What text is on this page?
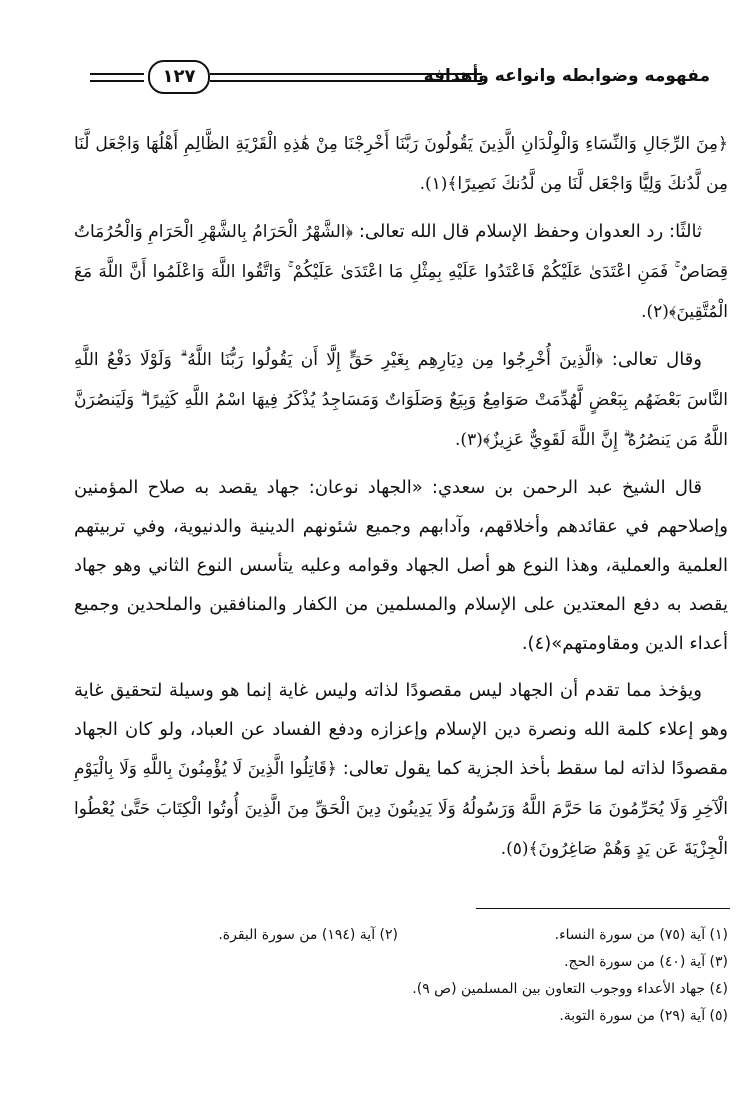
مفهومه وضوابطه وانواعه وأهدافه
١٢٧

﴿مِنَ الرِّجَالِ وَالنِّسَاءِ وَالْوِلْدَانِ الَّذِينَ يَقُولُونَ رَبَّنَا أَخْرِجْنَا مِنْ هَٰذِهِ الْقَرْيَةِ الظَّالِمِ أَهْلُهَا وَاجْعَل لَّنَا مِن لَّدُنكَ وَلِيًّا وَاجْعَل لَّنَا مِن لَّدُنكَ نَصِيرًا﴾(١).

ثالثًا: رد العدوان وحفظ الإسلام قال الله تعالى: ﴿الشَّهْرُ الْحَرَامُ بِالشَّهْرِ الْحَرَامِ وَالْحُرُمَاتُ قِصَاصٌ ۚ فَمَنِ اعْتَدَىٰ عَلَيْكُمْ فَاعْتَدُوا عَلَيْهِ بِمِثْلِ مَا اعْتَدَىٰ عَلَيْكُمْ ۚ وَاتَّقُوا اللَّهَ وَاعْلَمُوا أَنَّ اللَّهَ مَعَ الْمُتَّقِينَ﴾(٢).

وقال تعالى: ﴿الَّذِينَ أُخْرِجُوا مِن دِيَارِهِم بِغَيْرِ حَقٍّ إِلَّا أَن يَقُولُوا رَبُّنَا اللَّهُ ۗ وَلَوْلَا دَفْعُ اللَّهِ النَّاسَ بَعْضَهُم بِبَعْضٍ لَّهُدِّمَتْ صَوَامِعُ وَبِيَعٌ وَصَلَوَاتٌ وَمَسَاجِدُ يُذْكَرُ فِيهَا اسْمُ اللَّهِ كَثِيرًا ۗ وَلَيَنصُرَنَّ اللَّهُ مَن يَنصُرُهُ ۗ إِنَّ اللَّهَ لَقَوِيٌّ عَزِيزٌ﴾(٣).

قال الشيخ عبد الرحمن بن سعدي: «الجهاد نوعان: جهاد يقصد به صلاح المؤمنين وإصلاحهم في عقائدهم وأخلاقهم، وآدابهم وجميع شئونهم الدينية والدنيوية، وفي تربيتهم العلمية والعملية، وهذا النوع هو أصل الجهاد وقوامه وعليه يتأسس النوع الثاني وهو جهاد يقصد به دفع المعتدين على الإسلام والمسلمين من الكفار والمنافقين والملحدين وجميع أعداء الدين ومقاومتهم»(٤).

ويؤخذ مما تقدم أن الجهاد ليس مقصودًا لذاته وليس غاية إنما هو وسيلة لتحقيق غاية وهو إعلاء كلمة الله ونصرة دين الإسلام وإعزازه ودفع الفساد عن العباد، ولو كان الجهاد مقصودًا لذاته لما سقط بأخذ الجزية كما يقول تعالى: ﴿قَاتِلُوا الَّذِينَ لَا يُؤْمِنُونَ بِاللَّهِ وَلَا بِالْيَوْمِ الْآخِرِ وَلَا يُحَرِّمُونَ مَا حَرَّمَ اللَّهُ وَرَسُولُهُ وَلَا يَدِينُونَ دِينَ الْحَقِّ مِنَ الَّذِينَ أُوتُوا الْكِتَابَ حَتَّىٰ يُعْطُوا الْجِزْيَةَ عَن يَدٍ وَهُمْ صَاغِرُونَ﴾(٥).

(١) آية (٧٥) من سورة النساء.
(٢) آية (١٩٤) من سورة البقرة.
(٣) آية (٤٠) من سورة الحج.
(٤) جهاد الأعداء ووجوب التعاون بين المسلمين (ص ٩).
(٥) آية (٢٩) من سورة التوبة.
